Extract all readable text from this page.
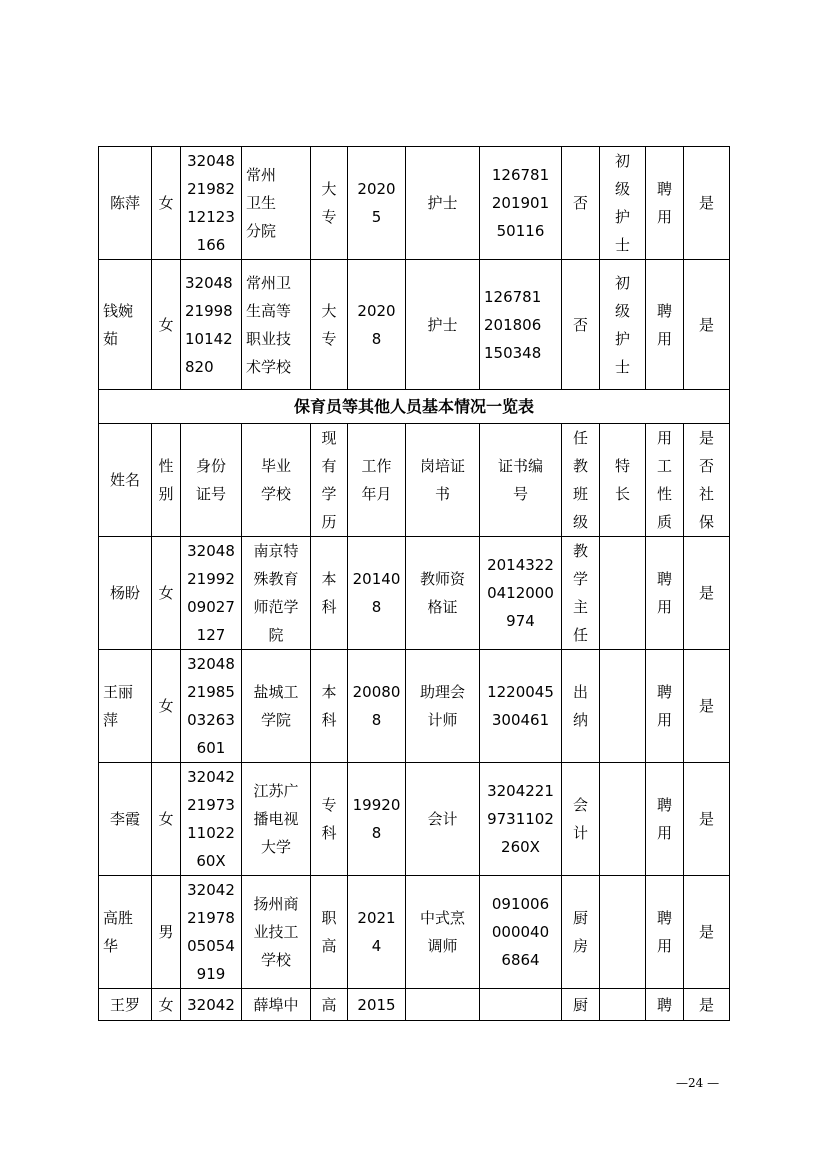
陈萍	女	32048
21982
12123
166	常州
卫生
分院	大
专	2020
5	护士	126781
201901
50116	否	初
级
护
士	聘
用	是

钱婉
茹	女	32048
21998
10142
820	常州卫
生高等
职业技
术学校	大
专	2020
8	护士	126781
201806
150348	否	初
级
护
士	聘
用	是

保育员等其他人员基本情况一览表											

姓名	性
别	身份
证号	毕业
学校	现
有
学
历	工作
年月	岗培证
书	证书编
号	任
教
班
级	特
长	用
工
性
质	是
否
社
保

杨盼	女	32048
21992
09027
127	南京特
殊教育
师范学
院	本
科	20140
8	教师资
格证	2014322
0412000
974	教
学
主
任		聘
用	是

王丽
萍	女	32048
21985
03263
601	盐城工
学院	本
科	20080
8	助理会
计师	1220045
300461	出
纳		聘
用	是

李霞	女	32042
21973
11022
60X	江苏广
播电视
大学	专
科	19920
8	会计	3204221
9731102
260X	会
计		聘
用	是

高胜
华	男	32042
21978
05054
919	扬州商
业技工
学校	职
高	2021
4	中式烹
调师	091006
000040
6864	厨
房		聘
用	是

王罗	女	32042	薛埠中	高	2015			厨		聘	是
—24 —
